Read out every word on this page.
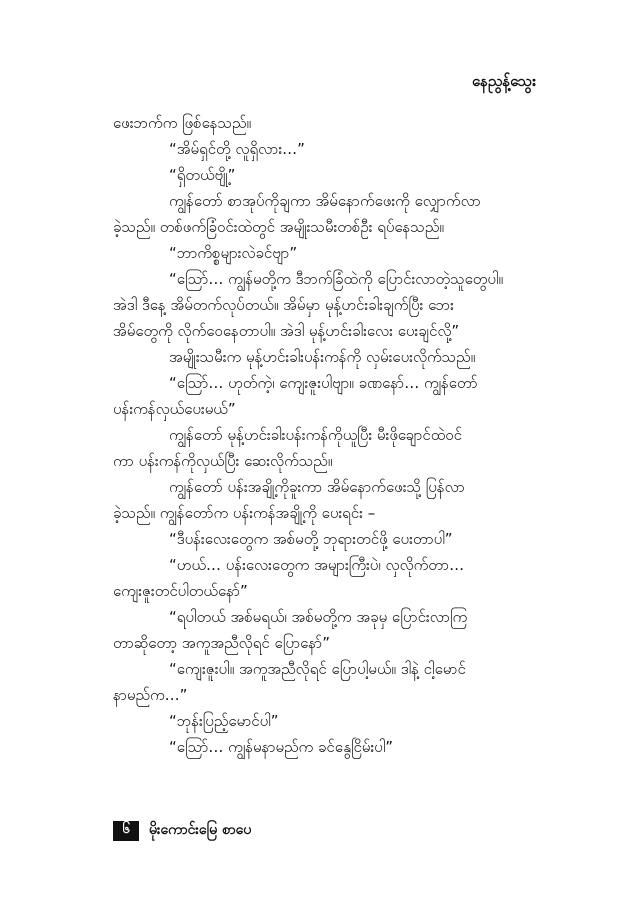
နေညွန့်သွေး

ဖေးဘက်က ဖြစ်နေသည်။

“အိမ်ရှင်တို့ လူရှိလား…”

“ရှိတယ်ဗျို့”

ကျွန်တော် စာအုပ်ကိုချကာ အိမ်နောက်ဖေးကို လျှောက်လာ

ခဲ့သည်။ တစ်ဖက်ခြံဝင်းထဲတွင် အမျိုးသမီးတစ်ဦး ရပ်နေသည်။

“ဘာကိစ္စများလဲခင်ဗျာ”

“သြော်… ကျွန်မတို့က ဒီဘက်ခြံထဲကို ပြောင်းလာတဲ့သူတွေပါ။

အဲဒါ ဒီနေ့ အိမ်တက်လုပ်တယ်။ အိမ်မှာ မုန့်ဟင်းခါးချက်ပြီး ဘေး

အိမ်တွေကို လိုက်ဝေနေတာပါ။ အဲဒါ မုန့်ဟင်းခါးလေး ပေးချင်လို့”

အမျိုးသမီးက မုန့်ဟင်းခါးပန်းကန်ကို လှမ်းပေးလိုက်သည်။

“သြော်… ဟုတ်ကဲ့၊ ကျေးဇူးပါဗျာ။ ခဏနော်… ကျွန်တော်

ပန်းကန်လှယ်ပေးမယ်”

ကျွန်တော် မုန့်ဟင်းခါးပန်းကန်ကိုယူပြီး မီးဖိုချောင်ထဲဝင်

ကာ ပန်းကန်ကိုလှယ်ပြီး ဆေးလိုက်သည်။

ကျွန်တော် ပန်းအချို့ကိုခူးကာ အိမ်နောက်ဖေးသို့ ပြန်လာ

ခဲ့သည်။ ကျွန်တော်က ပန်းကန်အချို့ကို ပေးရင်း –

“ဒီပန်းလေးတွေက အစ်မတို့ ဘုရားတင်ဖို့ ပေးတာပါ”

“ဟယ်… ပန်းလေးတွေက အများကြီးပဲ၊ လှလိုက်တာ…

ကျေးဇူးတင်ပါတယ်နော်”

“ရပါတယ် အစ်မရယ်၊ အစ်မတို့က အခုမှ ပြောင်းလာကြ

တာဆိုတော့ အကူအညီလိုရင် ပြောနော်”

“ကျေးဇူးပါ။ အကူအညီလိုရင် ပြောပါ့မယ်။ ဒါနဲ့ ငါ့မောင်

နာမည်က…”

“ဘုန်းပြည့်မောင်ပါ”

“သြော်… ကျွန်မနာမည်က ခင်နွေငြိမ်းပါ”

၆	မိုးကောင်းမြေ စာပေ
